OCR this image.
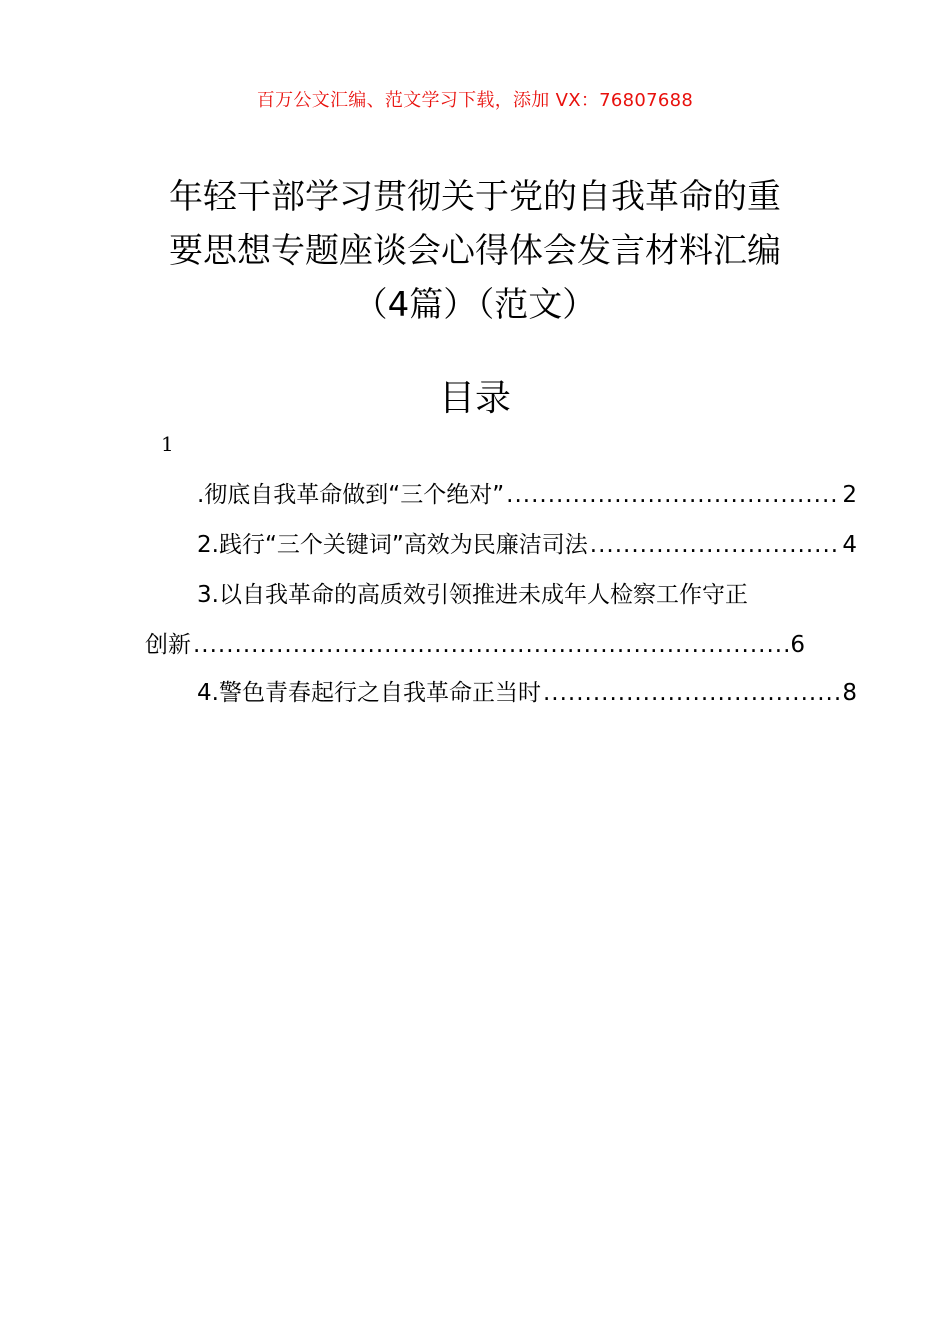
百万公文汇编、范文学习下载，添加 VX：76807688
年轻干部学习贯彻关于党的自我革命的重
要思想专题座谈会心得体会发言材料汇编
（4篇）（范文）
目录
1
.彻底自我革命做到“三个绝对” .....	2
2.践行“三个关键词”高效为民廉洁司法 .....	4
3.以自我革命的高质效引领推进未成年人检察工作守正
创新 .....	6
4.警色青春起行之自我革命正当时 .....	8
